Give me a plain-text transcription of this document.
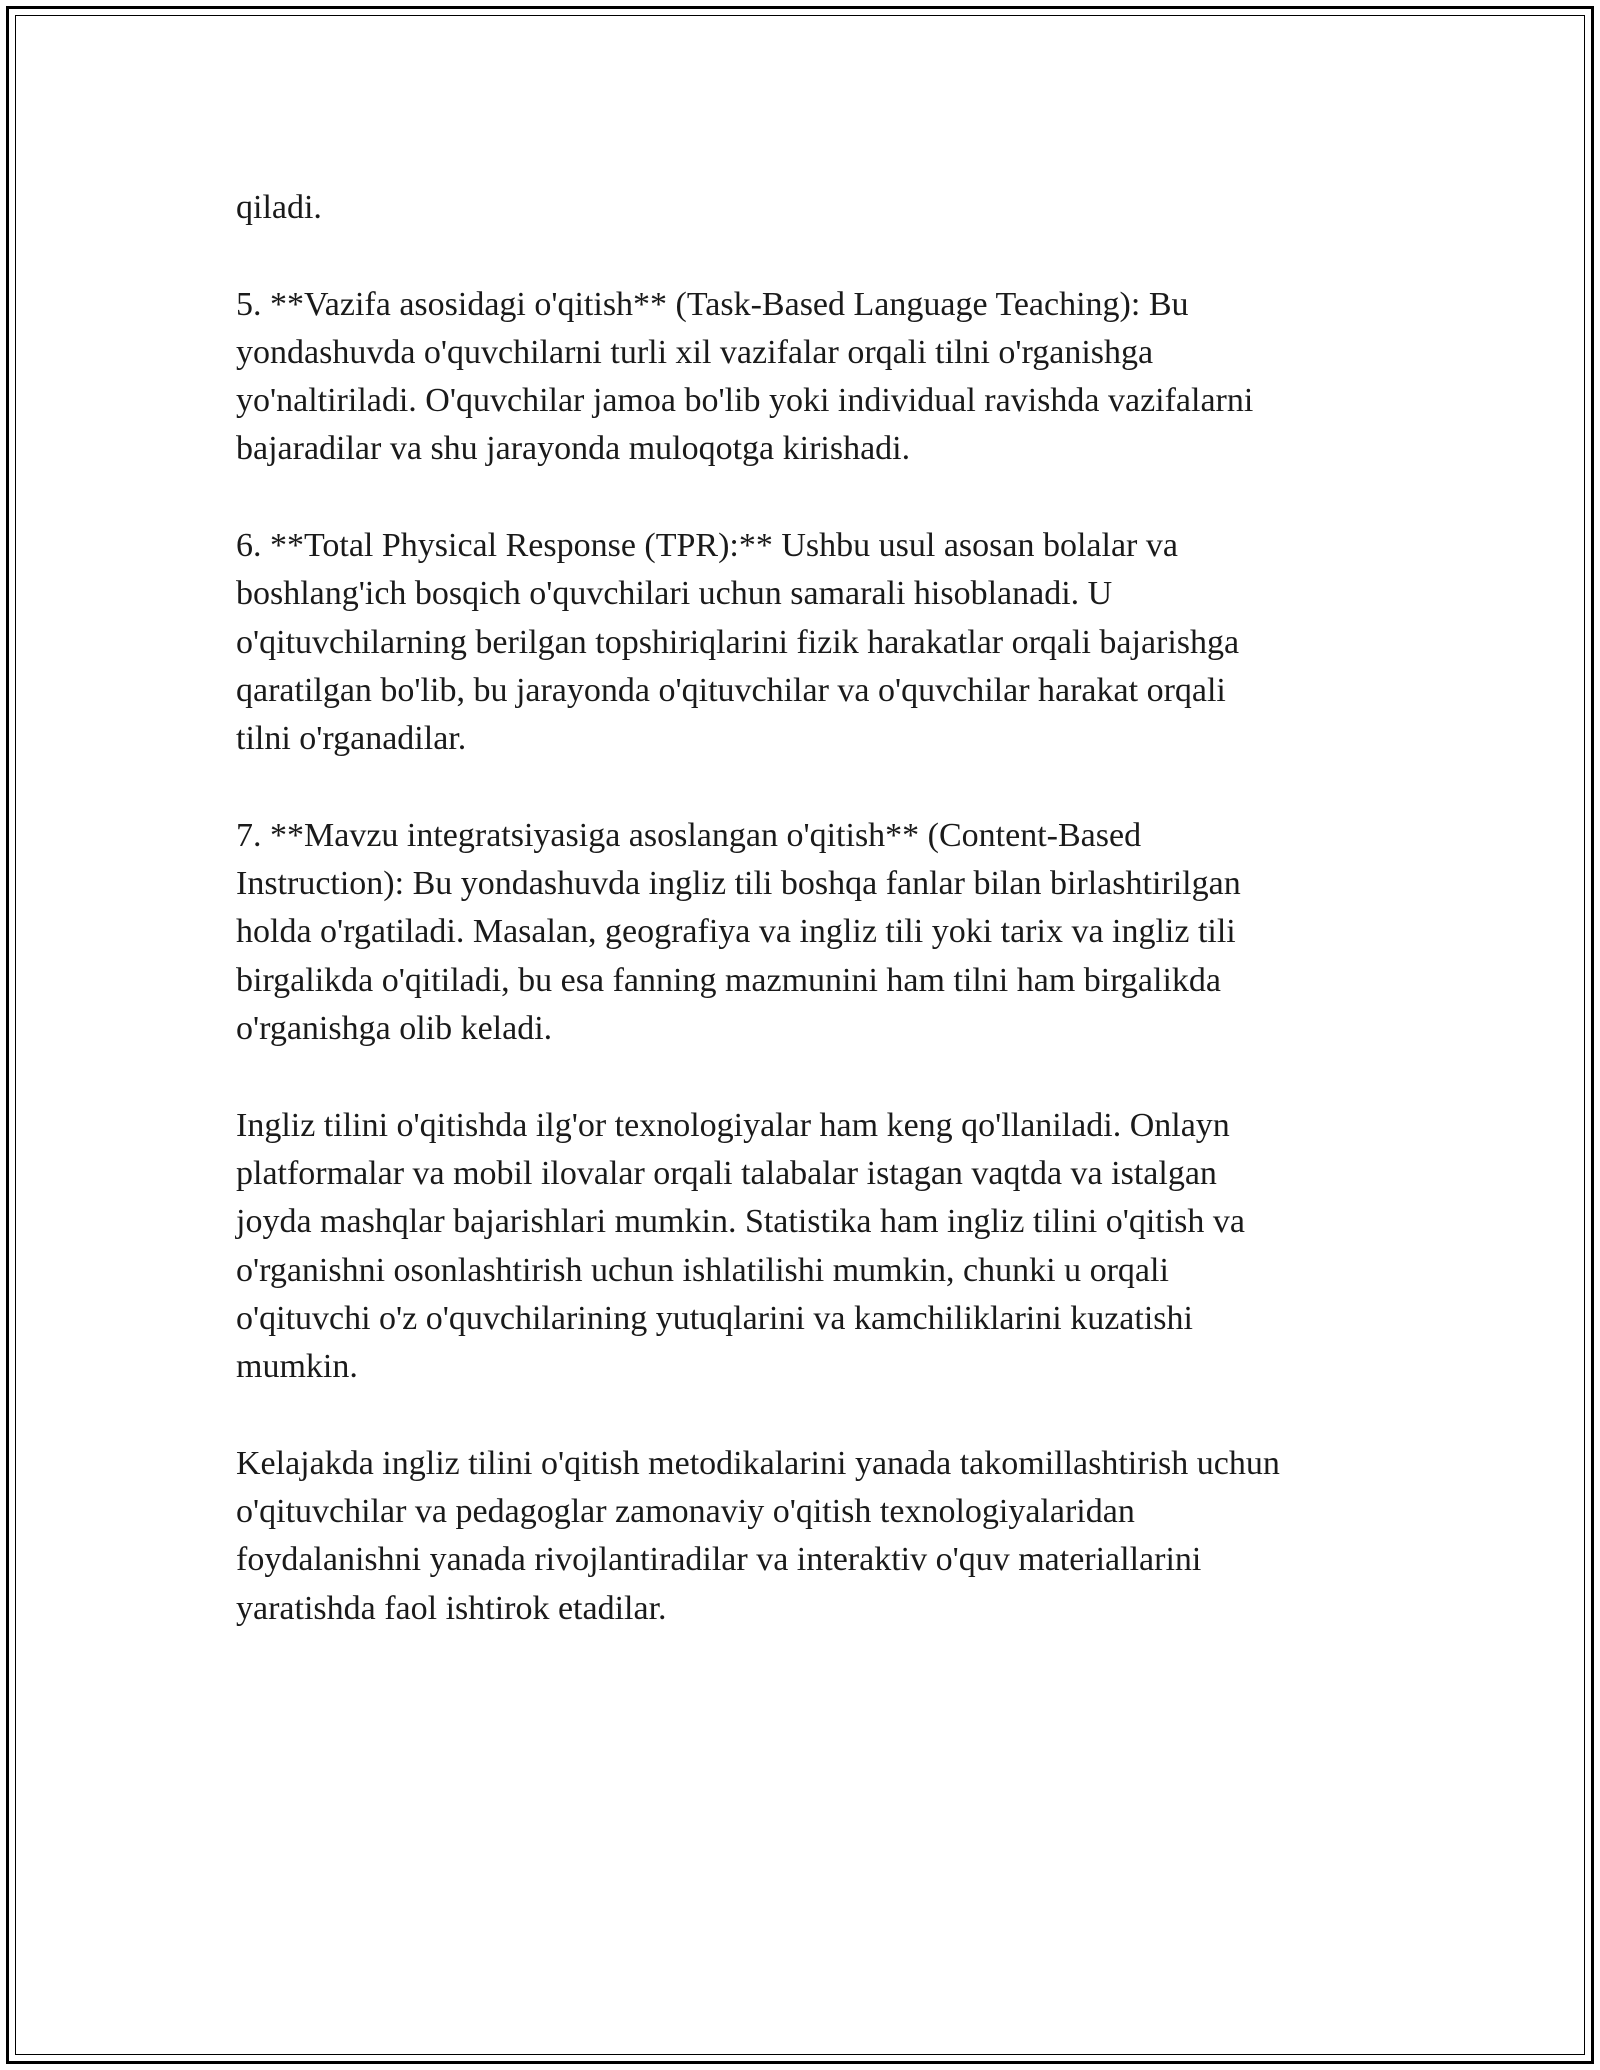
qiladi.

5. **Vazifa asosidagi o'qitish** (Task-Based Language Teaching): Bu
yondashuvda o'quvchilarni turli xil vazifalar orqali tilni o'rganishga
yo'naltiriladi. O'quvchilar jamoa bo'lib yoki individual ravishda vazifalarni
bajaradilar va shu jarayonda muloqotga kirishadi.

6. **Total Physical Response (TPR):** Ushbu usul asosan bolalar va
boshlang'ich bosqich o'quvchilari uchun samarali hisoblanadi. U
o'qituvchilarning berilgan topshiriqlarini fizik harakatlar orqali bajarishga
qaratilgan bo'lib, bu jarayonda o'qituvchilar va o'quvchilar harakat orqali
tilni o'rganadilar.

7. **Mavzu integratsiyasiga asoslangan o'qitish** (Content-Based
Instruction): Bu yondashuvda ingliz tili boshqa fanlar bilan birlashtirilgan
holda o'rgatiladi. Masalan, geografiya va ingliz tili yoki tarix va ingliz tili
birgalikda o'qitiladi, bu esa fanning mazmunini ham tilni ham birgalikda
o'rganishga olib keladi.

Ingliz tilini o'qitishda ilg'or texnologiyalar ham keng qo'llaniladi. Onlayn
platformalar va mobil ilovalar orqali talabalar istagan vaqtda va istalgan
joyda mashqlar bajarishlari mumkin. Statistika ham ingliz tilini o'qitish va
o'rganishni osonlashtirish uchun ishlatilishi mumkin, chunki u orqali
o'qituvchi o'z o'quvchilarining yutuqlarini va kamchiliklarini kuzatishi
mumkin.

Kelajakda ingliz tilini o'qitish metodikalarini yanada takomillashtirish uchun
o'qituvchilar va pedagoglar zamonaviy o'qitish texnologiyalaridan
foydalanishni yanada rivojlantiradilar va interaktiv o'quv materiallarini
yaratishda faol ishtirok etadilar.
